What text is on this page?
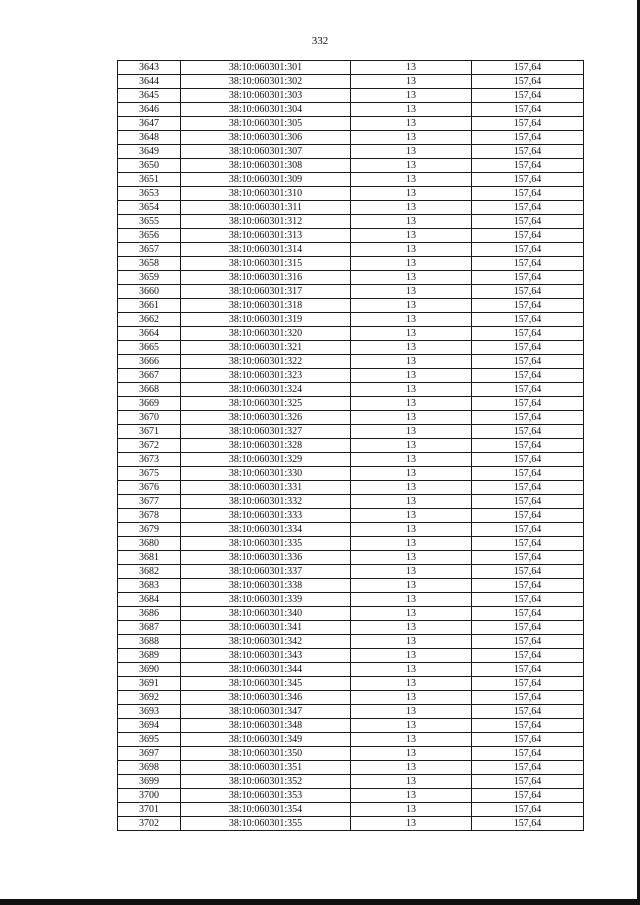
332
3643	38:10:060301:301	13	157,64
3644	38:10:060301:302	13	157,64
3645	38:10:060301:303	13	157,64
3646	38:10:060301:304	13	157,64
3647	38:10:060301:305	13	157,64
3648	38:10:060301:306	13	157,64
3649	38:10:060301:307	13	157,64
3650	38:10:060301:308	13	157,64
3651	38:10:060301:309	13	157,64
3653	38:10:060301:310	13	157,64
3654	38:10:060301:311	13	157,64
3655	38:10:060301:312	13	157,64
3656	38:10:060301:313	13	157,64
3657	38:10:060301:314	13	157,64
3658	38:10:060301:315	13	157,64
3659	38:10:060301:316	13	157,64
3660	38:10:060301:317	13	157,64
3661	38:10:060301:318	13	157,64
3662	38:10:060301:319	13	157,64
3664	38:10:060301:320	13	157,64
3665	38:10:060301:321	13	157,64
3666	38:10:060301:322	13	157,64
3667	38:10:060301:323	13	157,64
3668	38:10:060301:324	13	157,64
3669	38:10:060301:325	13	157,64
3670	38:10:060301:326	13	157,64
3671	38:10:060301:327	13	157,64
3672	38:10:060301:328	13	157,64
3673	38:10:060301:329	13	157,64
3675	38:10:060301:330	13	157,64
3676	38:10:060301:331	13	157,64
3677	38:10:060301:332	13	157,64
3678	38:10:060301:333	13	157,64
3679	38:10:060301:334	13	157,64
3680	38:10:060301:335	13	157,64
3681	38:10:060301:336	13	157,64
3682	38:10:060301:337	13	157,64
3683	38:10:060301:338	13	157,64
3684	38:10:060301:339	13	157,64
3686	38:10:060301:340	13	157,64
3687	38:10:060301:341	13	157,64
3688	38:10:060301:342	13	157,64
3689	38:10:060301:343	13	157,64
3690	38:10:060301:344	13	157,64
3691	38:10:060301:345	13	157,64
3692	38:10:060301:346	13	157,64
3693	38:10:060301:347	13	157,64
3694	38:10:060301:348	13	157,64
3695	38:10:060301:349	13	157,64
3697	38:10:060301:350	13	157,64
3698	38:10:060301:351	13	157,64
3699	38:10:060301:352	13	157,64
3700	38:10:060301:353	13	157,64
3701	38:10:060301:354	13	157,64
3702	38:10:060301:355	13	157,64
